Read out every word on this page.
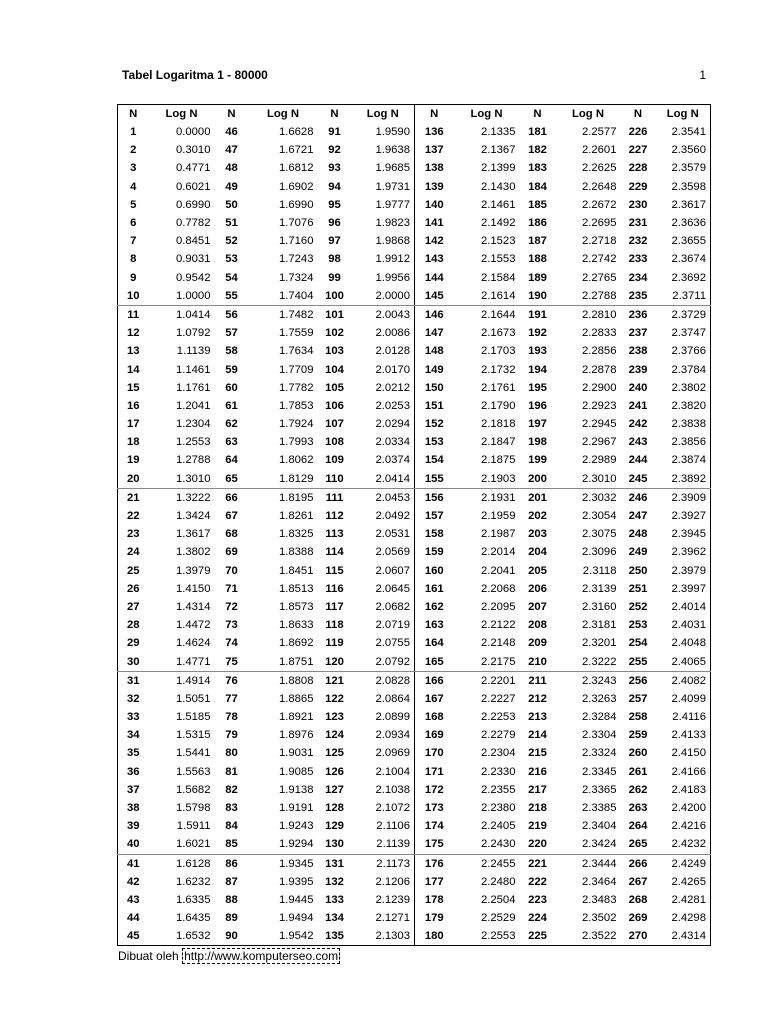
Tabel Logaritma 1 - 80000	1
N	Log N	N	Log N	N	Log N	N	Log N	N	Log N	N	Log N
1	0.0000	46	1.6628	91	1.9590	136	2.1335	181	2.2577	226	2.3541
2	0.3010	47	1.6721	92	1.9638	137	2.1367	182	2.2601	227	2.3560
3	0.4771	48	1.6812	93	1.9685	138	2.1399	183	2.2625	228	2.3579
4	0.6021	49	1.6902	94	1.9731	139	2.1430	184	2.2648	229	2.3598
5	0.6990	50	1.6990	95	1.9777	140	2.1461	185	2.2672	230	2.3617
6	0.7782	51	1.7076	96	1.9823	141	2.1492	186	2.2695	231	2.3636
7	0.8451	52	1.7160	97	1.9868	142	2.1523	187	2.2718	232	2.3655
8	0.9031	53	1.7243	98	1.9912	143	2.1553	188	2.2742	233	2.3674
9	0.9542	54	1.7324	99	1.9956	144	2.1584	189	2.2765	234	2.3692
10	1.0000	55	1.7404	100	2.0000	145	2.1614	190	2.2788	235	2.3711
11	1.0414	56	1.7482	101	2.0043	146	2.1644	191	2.2810	236	2.3729
12	1.0792	57	1.7559	102	2.0086	147	2.1673	192	2.2833	237	2.3747
13	1.1139	58	1.7634	103	2.0128	148	2.1703	193	2.2856	238	2.3766
14	1.1461	59	1.7709	104	2.0170	149	2.1732	194	2.2878	239	2.3784
15	1.1761	60	1.7782	105	2.0212	150	2.1761	195	2.2900	240	2.3802
16	1.2041	61	1.7853	106	2.0253	151	2.1790	196	2.2923	241	2.3820
17	1.2304	62	1.7924	107	2.0294	152	2.1818	197	2.2945	242	2.3838
18	1.2553	63	1.7993	108	2.0334	153	2.1847	198	2.2967	243	2.3856
19	1.2788	64	1.8062	109	2.0374	154	2.1875	199	2.2989	244	2.3874
20	1.3010	65	1.8129	110	2.0414	155	2.1903	200	2.3010	245	2.3892
21	1.3222	66	1.8195	111	2.0453	156	2.1931	201	2.3032	246	2.3909
22	1.3424	67	1.8261	112	2.0492	157	2.1959	202	2.3054	247	2.3927
23	1.3617	68	1.8325	113	2.0531	158	2.1987	203	2.3075	248	2.3945
24	1.3802	69	1.8388	114	2.0569	159	2.2014	204	2.3096	249	2.3962
25	1.3979	70	1.8451	115	2.0607	160	2.2041	205	2.3118	250	2.3979
26	1.4150	71	1.8513	116	2.0645	161	2.2068	206	2.3139	251	2.3997
27	1.4314	72	1.8573	117	2.0682	162	2.2095	207	2.3160	252	2.4014
28	1.4472	73	1.8633	118	2.0719	163	2.2122	208	2.3181	253	2.4031
29	1.4624	74	1.8692	119	2.0755	164	2.2148	209	2.3201	254	2.4048
30	1.4771	75	1.8751	120	2.0792	165	2.2175	210	2.3222	255	2.4065
31	1.4914	76	1.8808	121	2.0828	166	2.2201	211	2.3243	256	2.4082
32	1.5051	77	1.8865	122	2.0864	167	2.2227	212	2.3263	257	2.4099
33	1.5185	78	1.8921	123	2.0899	168	2.2253	213	2.3284	258	2.4116
34	1.5315	79	1.8976	124	2.0934	169	2.2279	214	2.3304	259	2.4133
35	1.5441	80	1.9031	125	2.0969	170	2.2304	215	2.3324	260	2.4150
36	1.5563	81	1.9085	126	2.1004	171	2.2330	216	2.3345	261	2.4166
37	1.5682	82	1.9138	127	2.1038	172	2.2355	217	2.3365	262	2.4183
38	1.5798	83	1.9191	128	2.1072	173	2.2380	218	2.3385	263	2.4200
39	1.5911	84	1.9243	129	2.1106	174	2.2405	219	2.3404	264	2.4216
40	1.6021	85	1.9294	130	2.1139	175	2.2430	220	2.3424	265	2.4232
41	1.6128	86	1.9345	131	2.1173	176	2.2455	221	2.3444	266	2.4249
42	1.6232	87	1.9395	132	2.1206	177	2.2480	222	2.3464	267	2.4265
43	1.6335	88	1.9445	133	2.1239	178	2.2504	223	2.3483	268	2.4281
44	1.6435	89	1.9494	134	2.1271	179	2.2529	224	2.3502	269	2.4298
45	1.6532	90	1.9542	135	2.1303	180	2.2553	225	2.3522	270	2.4314
Dibuat oleh http://www.komputerseo.com
